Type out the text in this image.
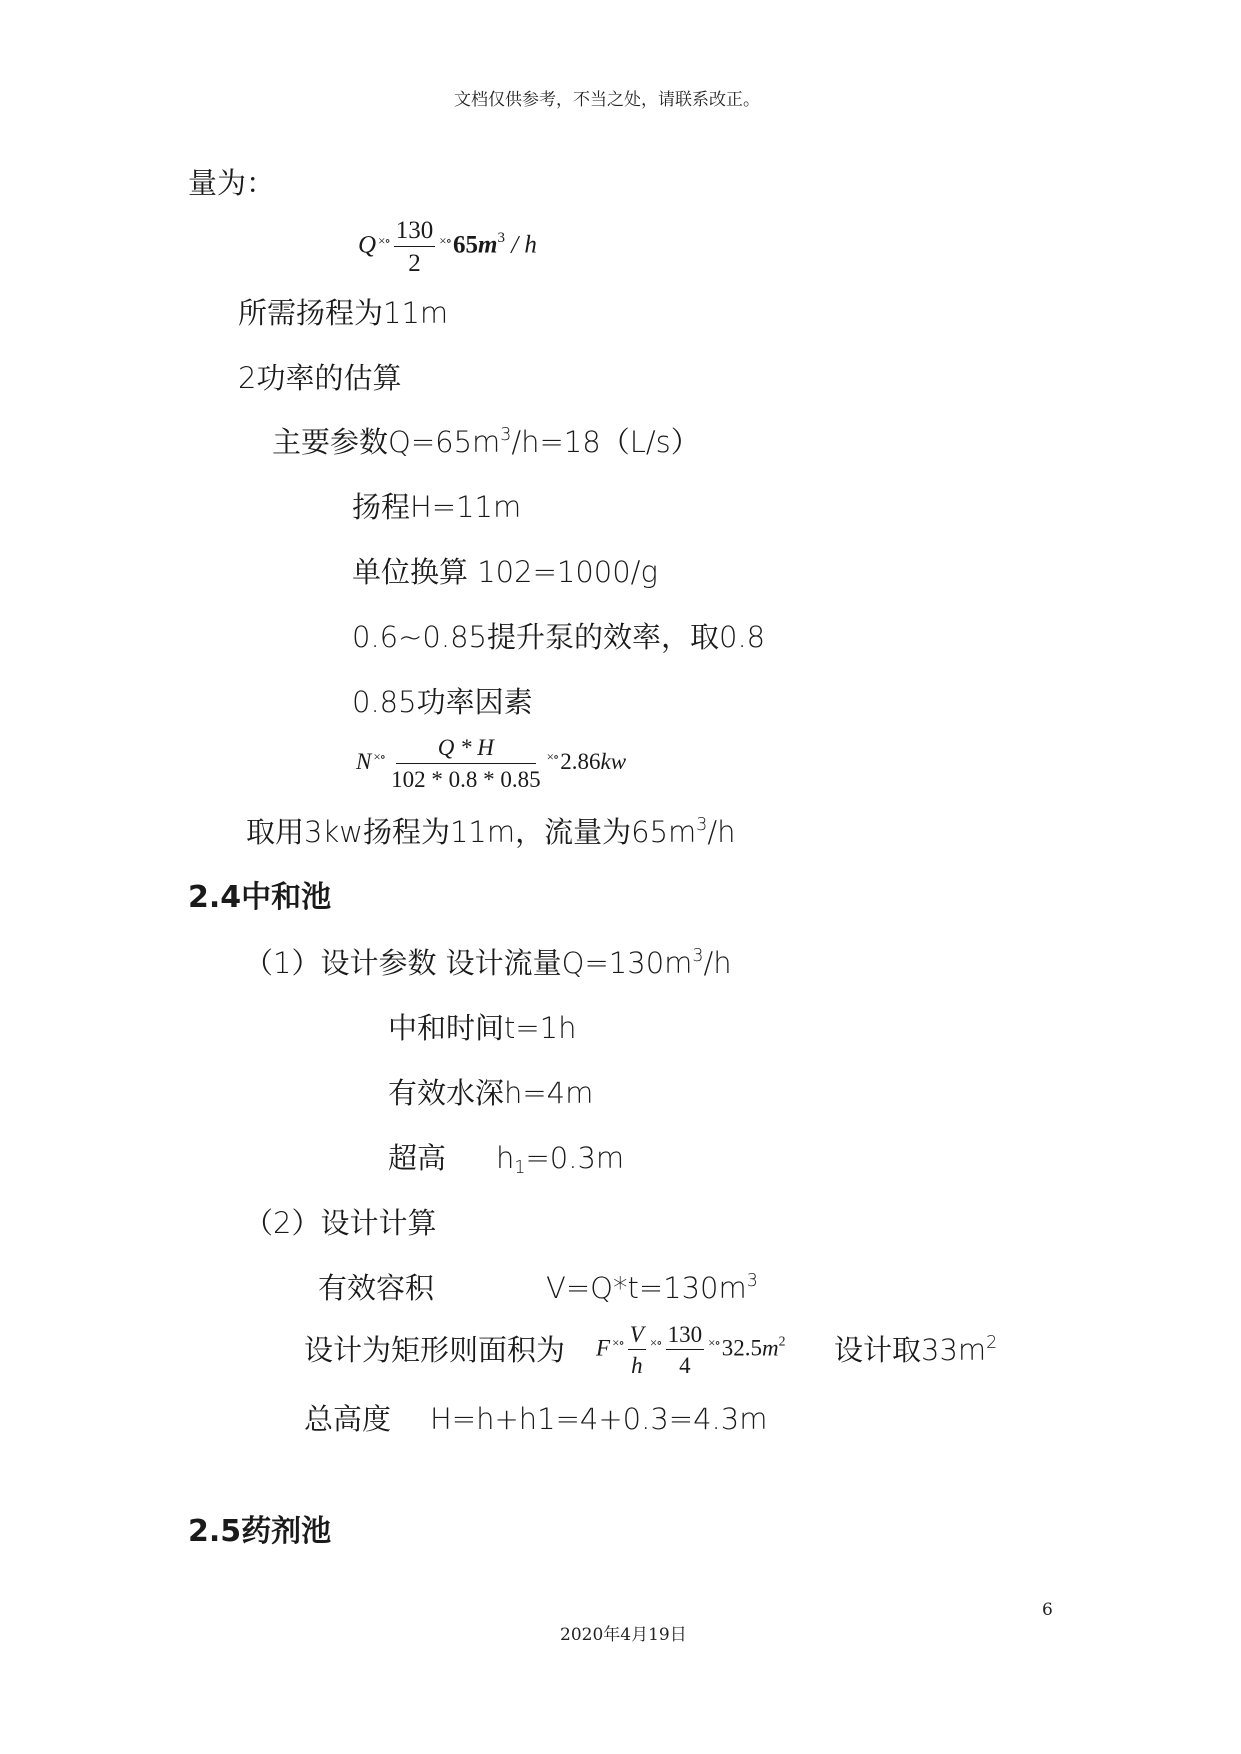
文档仅供参考，不当之处，请联系改正。
量为：
Q $^{\times\circ} \frac{130}{2} ^{\times\circ}65m^3$ / h
所需扬程为11m
2功率的估算
主要参数$Q=65m^3/h=18(L/s)$
扬程H=11m
单位换算 102=1000/g
0.6~0.85提升泵的效率，取0.8
0.85功率因素
N $^{\times\circ} \frac{Q * H}{102 * 0.8 * 0.85} ^{\times\circ}2.86kw$
取用3kw扬程为11m，流量为$65m^3/h$
2.4中和池
（1）设计参数 设计流量$Q=130m^3/h$
中和时间t=1h
有效水深h=4m
超高 $h_1=0.3m$
（2）设计计算
有效容积	$V=Q*t=130m^3$
设计为矩形则面积为 F $^{\times\circ} \frac{V}{h} ^{\times\circ} \frac{130}{4} ^{\times\circ}32.5m^2$ 设计取$33m^2$
总高度 H=h+h1=4+0.3=4.3m
2.5药剂池
6
2020年4月19日
